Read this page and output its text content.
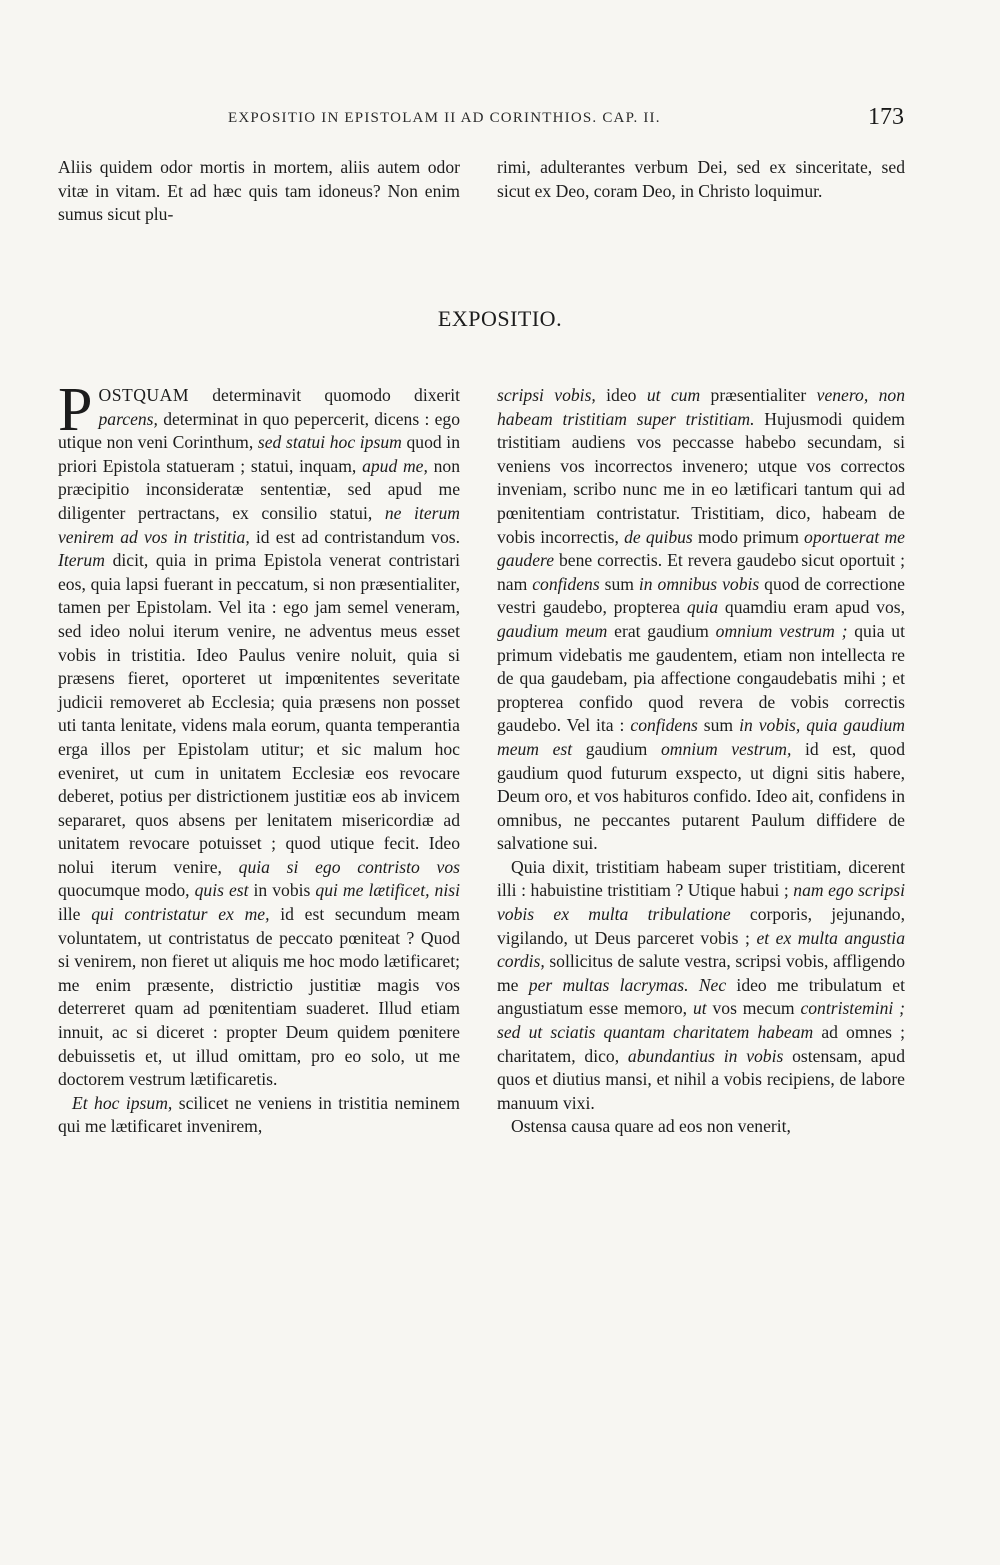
EXPOSITIO IN EPISTOLAM II AD CORINTHIOS. CAP. II.	173

Aliis quidem odor mortis in mortem, aliis autem odor vitæ in vitam. Et ad hæc quis tam idoneus? Non enim sumus sicut plu-

rimi, adulterantes verbum Dei, sed ex sinceritate, sed sicut ex Deo, coram Deo, in Christo loquimur.

EXPOSITIO.

POSTQUAM determinavit quomodo dixerit parcens, determinat in quo pepercerit, dicens : ego utique non veni Corinthum, sed statui hoc ipsum quod in priori Epistola statueram ; statui, inquam, apud me, non præcipitio inconsideratæ sententiæ, sed apud me diligenter pertractans, ex consilio statui, ne iterum venirem ad vos in tristitia, id est ad contristandum vos. Iterum dicit, quia in prima Epistola venerat contristari eos, quia lapsi fuerant in peccatum, si non præsentialiter, tamen per Epistolam. Vel ita : ego jam semel veneram, sed ideo nolui iterum venire, ne adventus meus esset vobis in tristitia. Ideo Paulus venire noluit, quia si præsens fieret, oporteret ut impœnitentes severitate judicii removeret ab Ecclesia; quia præsens non posset uti tanta lenitate, videns mala eorum, quanta temperantia erga illos per Epistolam utitur; et sic malum hoc eveniret, ut cum in unitatem Ecclesiæ eos revocare deberet, potius per districtionem justitiæ eos ab invicem separaret, quos absens per lenitatem misericordiæ ad unitatem revocare potuisset ; quod utique fecit. Ideo nolui iterum venire, quia si ego contristo vos quocumque modo, quis est in vobis qui me lætificet, nisi ille qui contristatur ex me, id est secundum meam voluntatem, ut contristatus de peccato pœniteat ? Quod si venirem, non fieret ut aliquis me hoc modo lætificaret; me enim præsente, districtio justitiæ magis vos deterreret quam ad pœnitentiam suaderet. Illud etiam innuit, ac si diceret : propter Deum quidem pœnitere debuissetis et, ut illud omittam, pro eo solo, ut me doctorem vestrum lætificaretis.

Et hoc ipsum, scilicet ne veniens in tristitia neminem qui me lætificaret invenirem,

scripsi vobis, ideo ut cum præsentialiter venero, non habeam tristitiam super tristitiam. Hujusmodi quidem tristitiam audiens vos peccasse habebo secundam, si veniens vos incorrectos invenero; utque vos correctos inveniam, scribo nunc me in eo lætificari tantum qui ad pœnitentiam contristatur. Tristitiam, dico, habeam de vobis incorrectis, de quibus modo primum oportuerat me gaudere bene correctis. Et revera gaudebo sicut oportuit ; nam confidens sum in omnibus vobis quod de correctione vestri gaudebo, propterea quia quamdiu eram apud vos, gaudium meum erat gaudium omnium vestrum ; quia ut primum videbatis me gaudentem, etiam non intellecta re de qua gaudebam, pia affectione congaudebatis mihi ; et propterea confido quod revera de vobis correctis gaudebo. Vel ita : confidens sum in vobis, quia gaudium meum est gaudium omnium vestrum, id est, quod gaudium quod futurum exspecto, ut digni sitis habere, Deum oro, et vos habituros confido. Ideo ait, confidens in omnibus, ne peccantes putarent Paulum diffidere de salvatione sui.

Quia dixit, tristitiam habeam super tristitiam, dicerent illi : habuistine tristitiam ? Utique habui ; nam ego scripsi vobis ex multa tribulatione corporis, jejunando, vigilando, ut Deus parceret vobis ; et ex multa angustia cordis, sollicitus de salute vestra, scripsi vobis, affligendo me per multas lacrymas. Nec ideo me tribulatum et angustiatum esse memoro, ut vos mecum contristemini ; sed ut sciatis quantam charitatem habeam ad omnes ; charitatem, dico, abundantius in vobis ostensam, apud quos et diutius mansi, et nihil a vobis recipiens, de labore manuum vixi.

Ostensa causa quare ad eos non venerit,
